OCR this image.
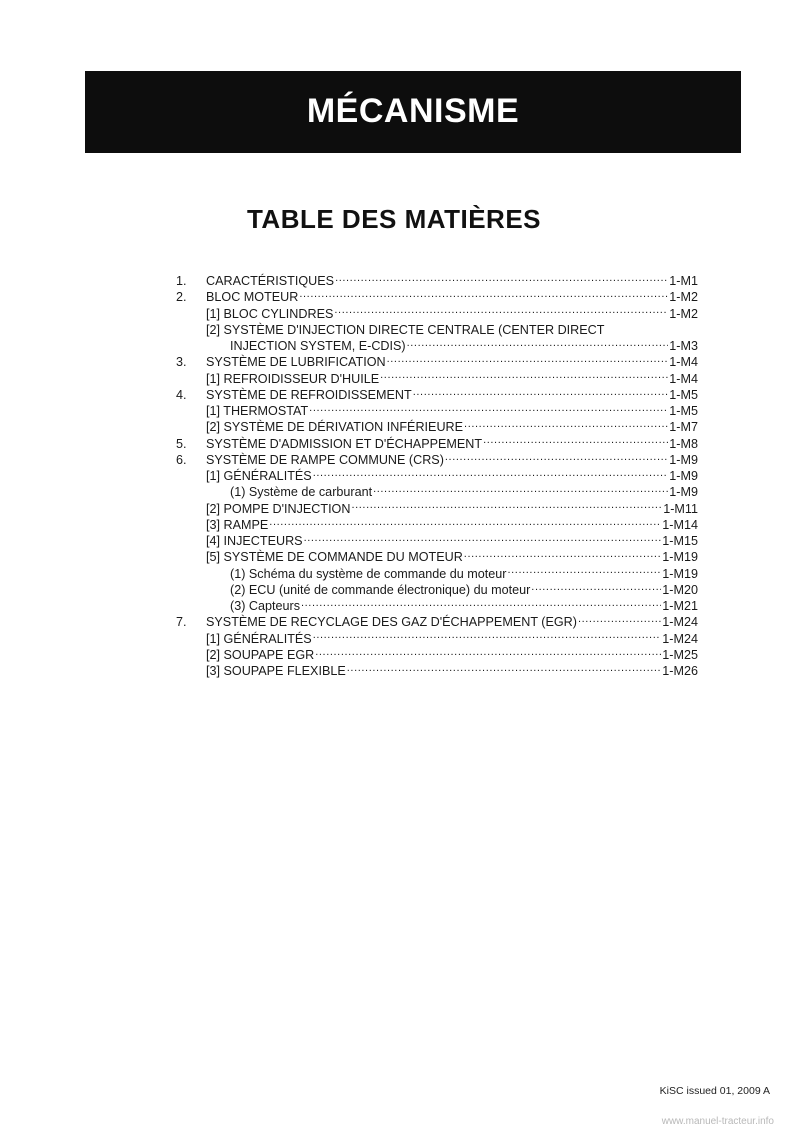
MÉCANISME
TABLE DES MATIÈRES
1.	CARACTÉRISTIQUES .....	1-M1
2.	BLOC MOTEUR .....	1-M2
[1] BLOC CYLINDRES .....	1-M2
[2] SYSTÈME D'INJECTION DIRECTE CENTRALE (CENTER DIRECT
INJECTION SYSTEM, E-CDIS) .....	1-M3
3.	SYSTÈME DE LUBRIFICATION .....	1-M4
[1] REFROIDISSEUR D'HUILE .....	1-M4
4.	SYSTÈME DE REFROIDISSEMENT .....	1-M5
[1] THERMOSTAT .....	1-M5
[2] SYSTÈME DE DÉRIVATION INFÉRIEURE .....	1-M7
5.	SYSTÈME D'ADMISSION ET D'ÉCHAPPEMENT .....	1-M8
6.	SYSTÈME DE RAMPE COMMUNE (CRS) .....	1-M9
[1] GÉNÉRALITÉS .....	1-M9
(1) Système de carburant .....	1-M9
[2] POMPE D'INJECTION .....	1-M11
[3] RAMPE .....	1-M14
[4] INJECTEURS .....	1-M15
[5] SYSTÈME DE COMMANDE DU MOTEUR .....	1-M19
(1) Schéma du système de commande du moteur .....	1-M19
(2) ECU (unité de commande électronique) du moteur .....	1-M20
(3) Capteurs .....	1-M21
7.	SYSTÈME DE RECYCLAGE DES GAZ D'ÉCHAPPEMENT (EGR) .....	1-M24
[1] GÉNÉRALITÉS .....	1-M24
[2] SOUPAPE EGR .....	1-M25
[3] SOUPAPE FLEXIBLE .....	1-M26
KiSC issued 01, 2009 A
www.manuel-tracteur.info
